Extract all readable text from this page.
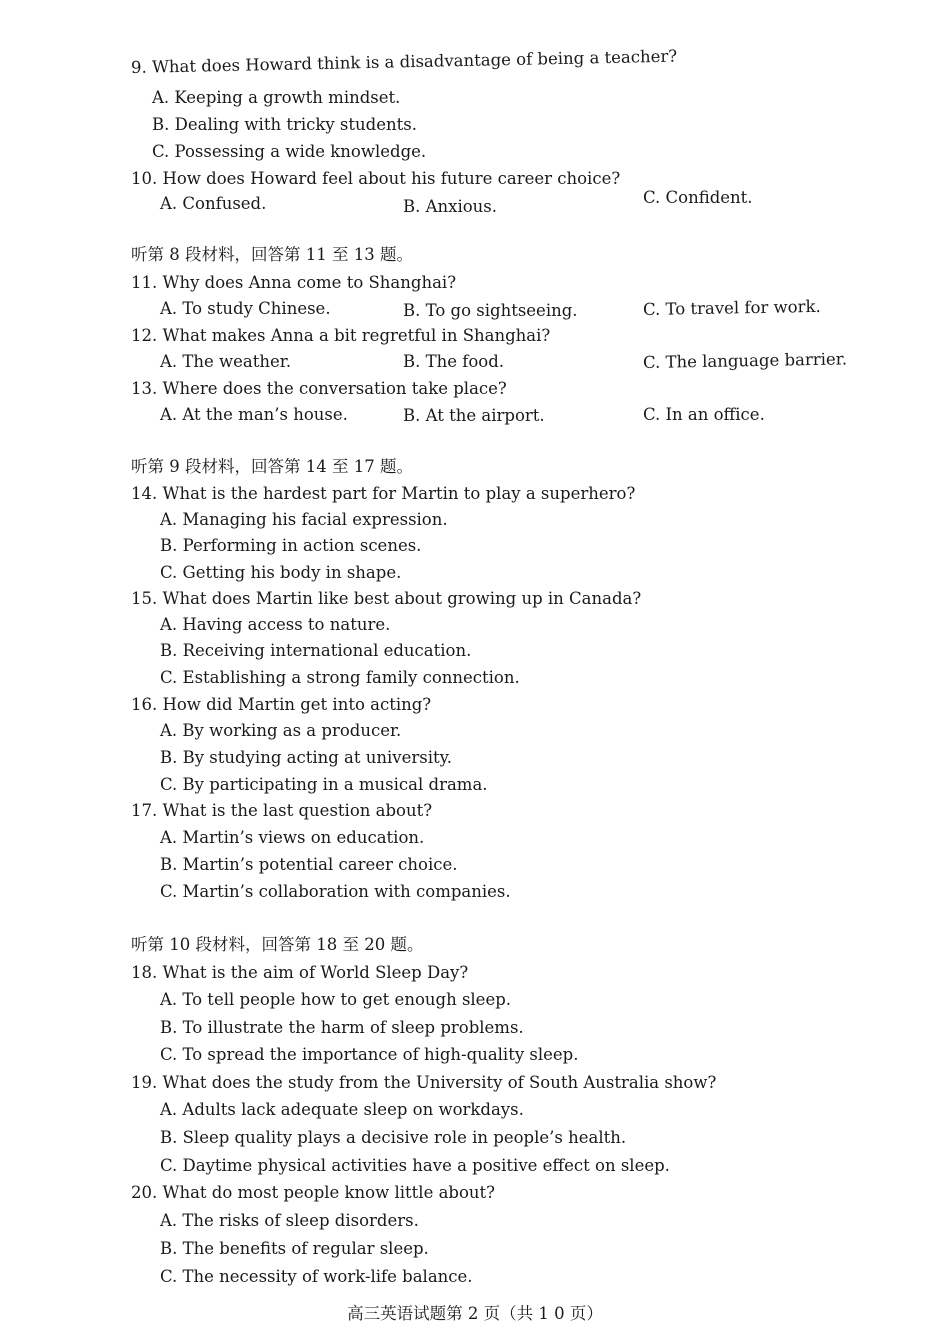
9. What does Howard think is a disadvantage of being a teacher?
A. Keeping a growth mindset.
B. Dealing with tricky students.
C. Possessing a wide knowledge.
10. How does Howard feel about his future career choice?
A. Confused.	B. Anxious.	C. Confident.
听第 8 段材料，回答第 11 至 13 题。
11. Why does Anna come to Shanghai?
A. To study Chinese.	B. To go sightseeing.	C. To travel for work.
12. What makes Anna a bit regretful in Shanghai?
A. The weather.	B. The food.	C. The language barrier.
13. Where does the conversation take place?
A. At the man’s house.	B. At the airport.	C. In an office.
听第 9 段材料，回答第 14 至 17 题。
14. What is the hardest part for Martin to play a superhero?
A. Managing his facial expression.
B. Performing in action scenes.
C. Getting his body in shape.
15. What does Martin like best about growing up in Canada?
A. Having access to nature.
B. Receiving international education.
C. Establishing a strong family connection.
16. How did Martin get into acting?
A. By working as a producer.
B. By studying acting at university.
C. By participating in a musical drama.
17. What is the last question about?
A. Martin’s views on education.
B. Martin’s potential career choice.
C. Martin’s collaboration with companies.
听第 10 段材料，回答第 18 至 20 题。
18. What is the aim of World Sleep Day?
A. To tell people how to get enough sleep.
B. To illustrate the harm of sleep problems.
C. To spread the importance of high-quality sleep.
19. What does the study from the University of South Australia show?
A. Adults lack adequate sleep on workdays.
B. Sleep quality plays a decisive role in people’s health.
C. Daytime physical activities have a positive effect on sleep.
20. What do most people know little about?
A. The risks of sleep disorders.
B. The benefits of regular sleep.
C. The necessity of work-life balance.
高三英语试题第 2 页（共 1 0 页）
